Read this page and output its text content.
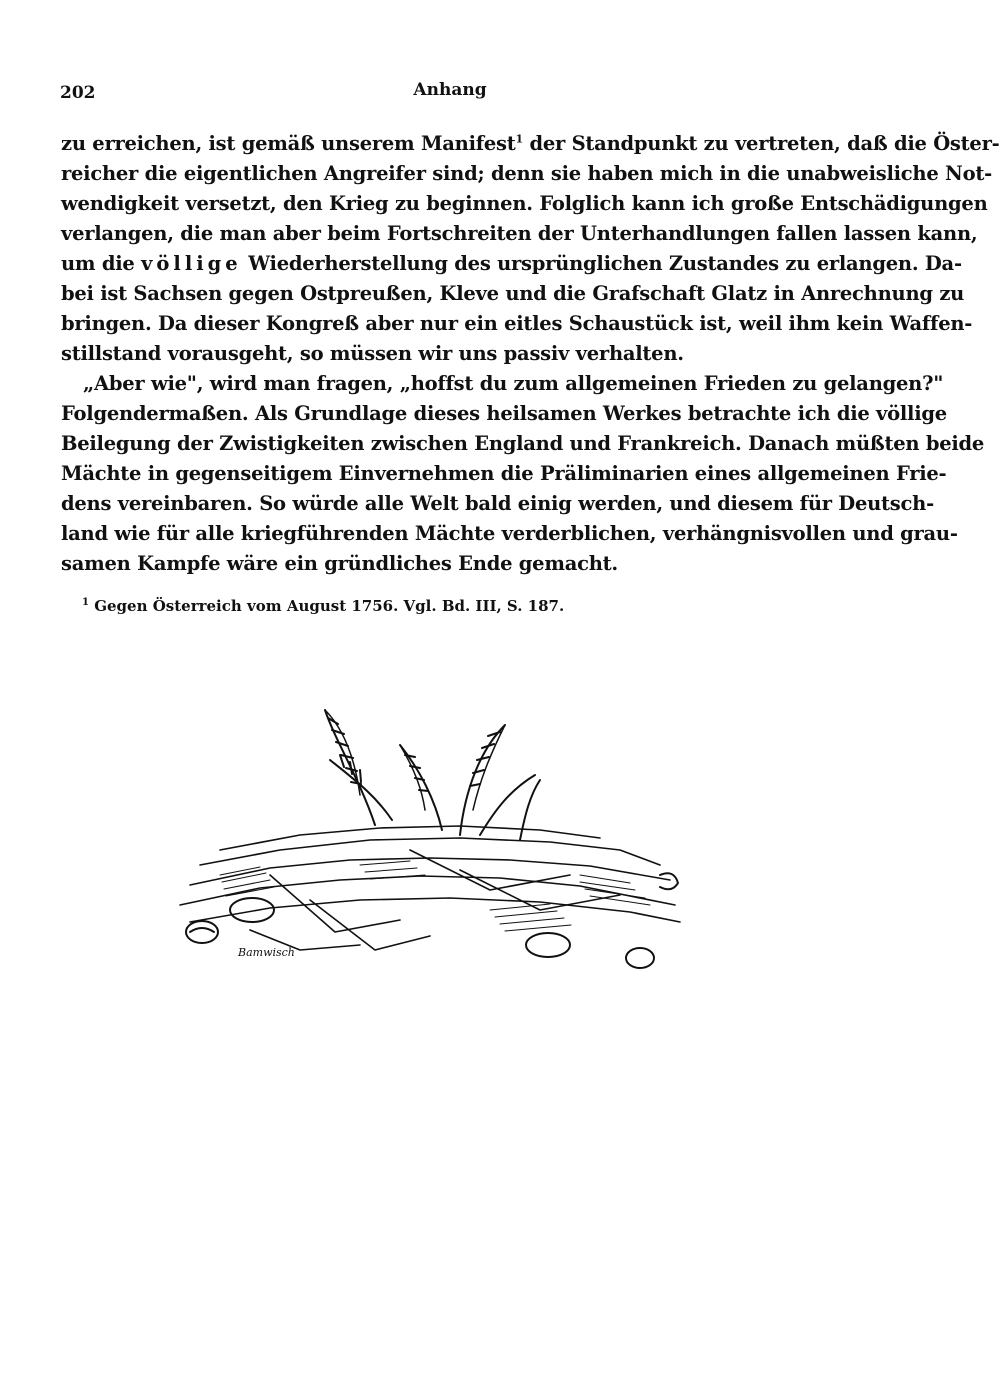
202	Anhang
zu erreichen, ist gemäß unserem Manifest$^1$ der Standpunkt zu vertreten, daß die Öster-
reicher die eigentlichen Angreifer sind; denn sie haben mich in die unabweisliche Not-
wendigkeit versetzt, den Krieg zu beginnen. Folglich kann ich große Entschädigungen
verlangen, die man aber beim Fortschreiten der Unterhandlungen fallen lassen kann,
um die völlige Wiederherstellung des ursprünglichen Zustandes zu erlangen. Da-
bei ist Sachsen gegen Ostpreußen, Kleve und die Grafschaft Glatz in Anrechnung zu
bringen. Da dieser Kongreß aber nur ein eitles Schaustück ist, weil ihm kein Waffen-
stillstand vorausgeht, so müssen wir uns passiv verhalten.
„Aber wie", wird man fragen, „hoffst du zum allgemeinen Frieden zu gelangen?"
Folgendermaßen. Als Grundlage dieses heilsamen Werkes betrachte ich die völlige
Beilegung der Zwistigkeiten zwischen England und Frankreich. Danach müßten beide
Mächte in gegenseitigem Einvernehmen die Präliminarien eines allgemeinen Frie-
dens vereinbaren. So würde alle Welt bald einig werden, und diesem für Deutsch-
land wie für alle kriegführenden Mächte verderblichen, verhängnisvollen und grau-
samen Kampfe wäre ein gründliches Ende gemacht.
$^1$ Gegen Österreich vom August 1756. Vgl. Bd. III, S. 187.
Bamwisch
